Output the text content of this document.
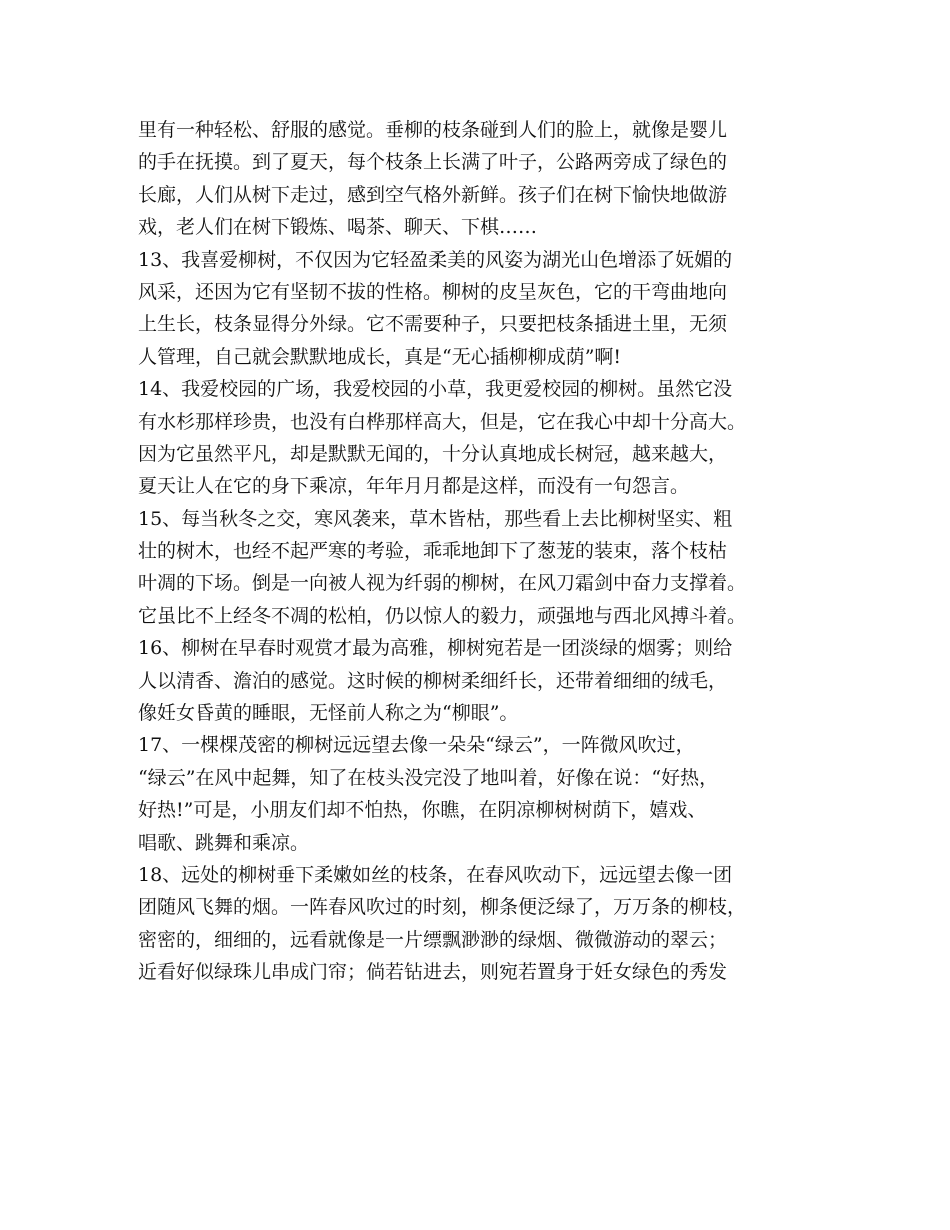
里有一种轻松、舒服的感觉。垂柳的枝条碰到人们的脸上，就像是婴儿
的手在抚摸。到了夏天，每个枝条上长满了叶子，公路两旁成了绿色的
长廊，人们从树下走过，感到空气格外新鲜。孩子们在树下愉快地做游
戏，老人们在树下锻炼、喝茶、聊天、下棋……
13、我喜爱柳树，不仅因为它轻盈柔美的风姿为湖光山色增添了妩媚的
风采，还因为它有坚韧不拔的性格。柳树的皮呈灰色，它的干弯曲地向
上生长，枝条显得分外绿。它不需要种子，只要把枝条插进土里，无须
人管理，自己就会默默地成长，真是“无心插柳柳成荫”啊!
14、我爱校园的广场，我爱校园的小草，我更爱校园的柳树。虽然它没
有水杉那样珍贵，也没有白桦那样高大，但是，它在我心中却十分高大。
因为它虽然平凡，却是默默无闻的，十分认真地成长树冠，越来越大，
夏天让人在它的身下乘凉，年年月月都是这样，而没有一句怨言。
15、每当秋冬之交，寒风袭来，草木皆枯，那些看上去比柳树坚实、粗
壮的树木，也经不起严寒的考验，乖乖地卸下了葱茏的装束，落个枝枯
叶凋的下场。倒是一向被人视为纤弱的柳树，在风刀霜剑中奋力支撑着。
它虽比不上经冬不凋的松柏，仍以惊人的毅力，顽强地与西北风搏斗着。
16、柳树在早春时观赏才最为高雅，柳树宛若是一团淡绿的烟雾；则给
人以清香、澹泊的感觉。这时候的柳树柔细纤长，还带着细细的绒毛，
像妊女昏黄的睡眼，无怪前人称之为“柳眼”。
17、一棵棵茂密的柳树远远望去像一朵朵“绿云”，一阵微风吹过，
“绿云”在风中起舞，知了在枝头没完没了地叫着，好像在说：“好热，
好热!”可是，小朋友们却不怕热，你瞧，在阴凉柳树树荫下，嬉戏、
唱歌、跳舞和乘凉。
18、远处的柳树垂下柔嫩如丝的枝条，在春风吹动下，远远望去像一团
团随风飞舞的烟。一阵春风吹过的时刻，柳条便泛绿了，万万条的柳枝，
密密的，细细的，远看就像是一片缥飘渺渺的绿烟、微微游动的翠云；
近看好似绿珠儿串成门帘；倘若钻进去，则宛若置身于妊女绿色的秀发
